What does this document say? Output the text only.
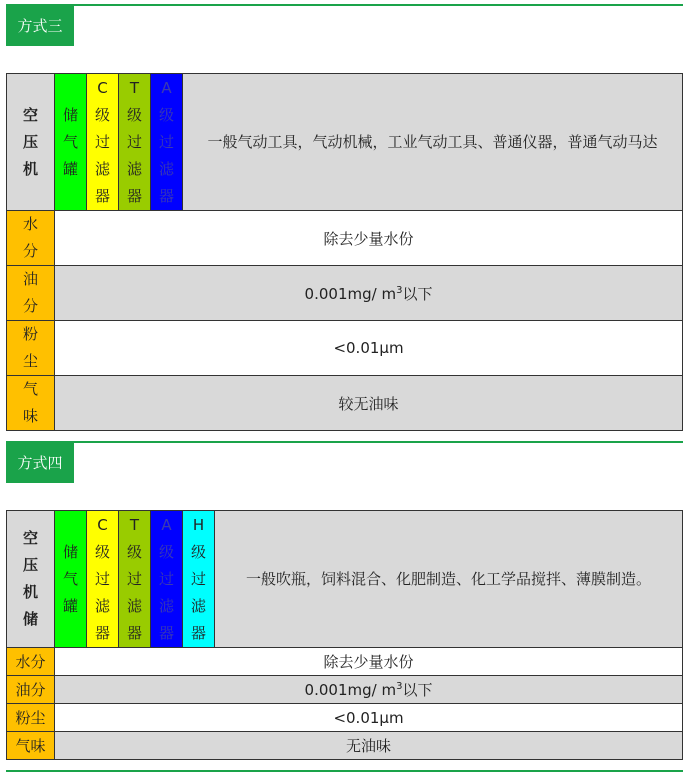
方式三
空
压
机	储
气
罐	C
级
过
滤
器	T
级
过
滤
器	A
级
过
滤
器	一般气动工具，气动机械，工业气动工具、普通仪器，普通气动马达

水
分	除去少量水份				

油
分	0.001mg/ $m^3$以下				

粉
尘	<0.01μm				

气
味	较无油味				
方式四
空
压
机
储	储
气
罐	C
级
过
滤
器	T
级
过
滤
器	A
级
过
滤
器	H
级
过
滤
器	一般吹瓶，饲料混合、化肥制造、化工学品搅拌、薄膜制造。
水分	除去少量水份					
油分	0.001mg/ $m^3$以下					
粉尘	<0.01μm					
气味	无油味					
